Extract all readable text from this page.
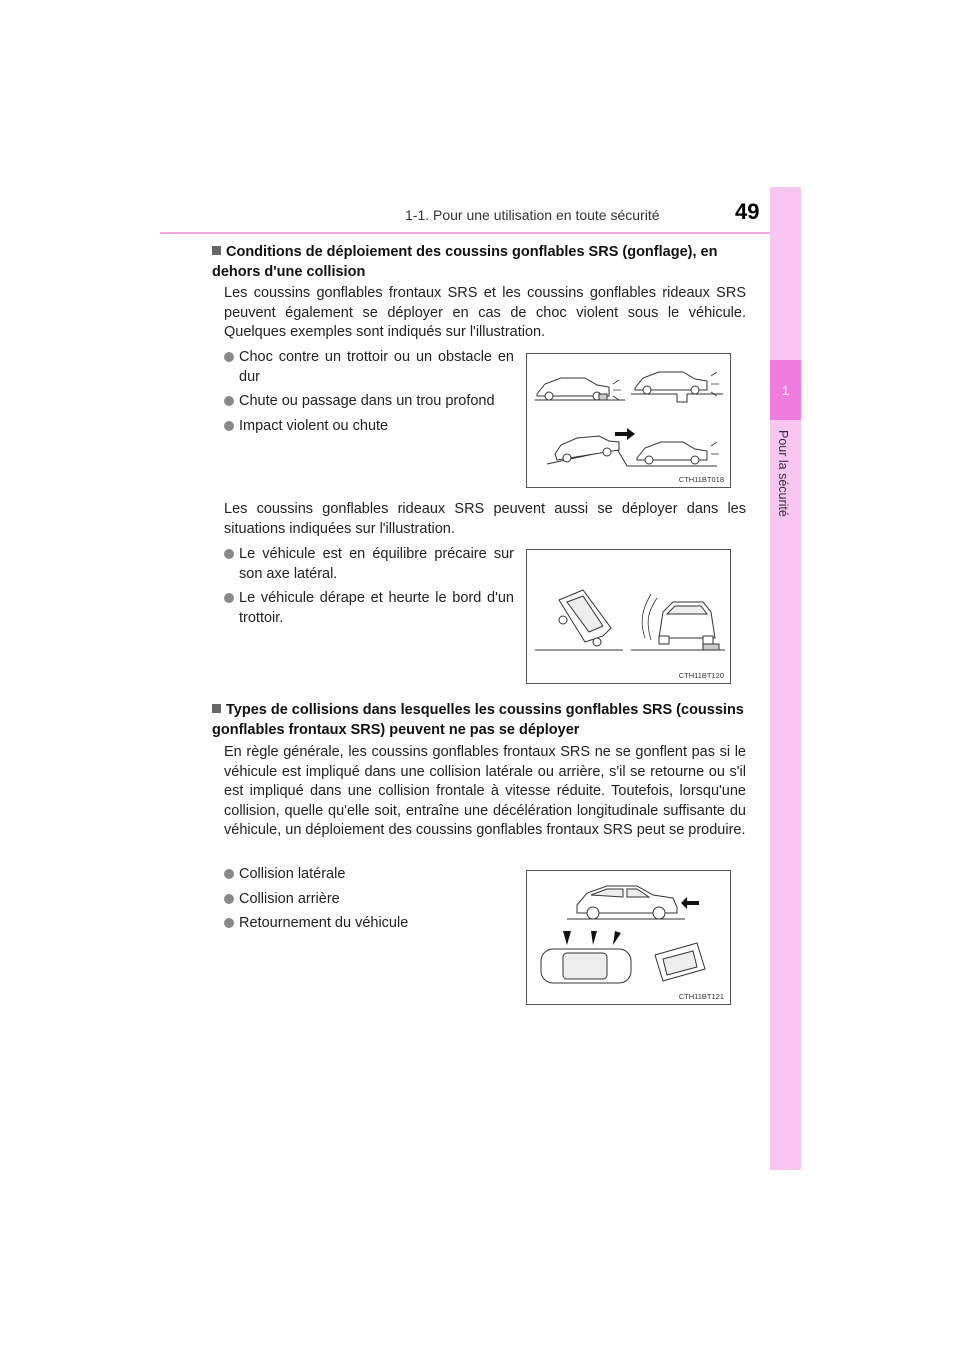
1-1. Pour une utilisation en toute sécurité	49
1
Pour la sécurité
Conditions de déploiement des coussins gonflables SRS (gonflage), en dehors d'une collision

Les coussins gonflables frontaux SRS et les coussins gonflables rideaux SRS peuvent également se déployer en cas de choc violent sous le véhicule. Quelques exemples sont indiqués sur l'illustration.

Choc contre un trottoir ou un obstacle en dur
Chute ou passage dans un trou profond
Impact violent ou chute
CTH11BT018

Les coussins gonflables rideaux SRS peuvent aussi se déployer dans les situations indiquées sur l'illustration.

Le véhicule est en équilibre précaire sur son axe latéral.
Le véhicule dérape et heurte le bord d'un trottoir.
CTH11BT120
Types de collisions dans lesquelles les coussins gonflables SRS (coussins gonflables frontaux SRS) peuvent ne pas se déployer

En règle générale, les coussins gonflables frontaux SRS ne se gonflent pas si le véhicule est impliqué dans une collision latérale ou arrière, s'il se retourne ou s'il est impliqué dans une collision frontale à vitesse réduite. Toutefois, lorsqu'une collision, quelle qu'elle soit, entraîne une décélération longitudinale suffisante du véhicule, un déploiement des coussins gonflables frontaux SRS peut se produire.

Collision latérale
Collision arrière
Retournement du véhicule
CTH11BT121
